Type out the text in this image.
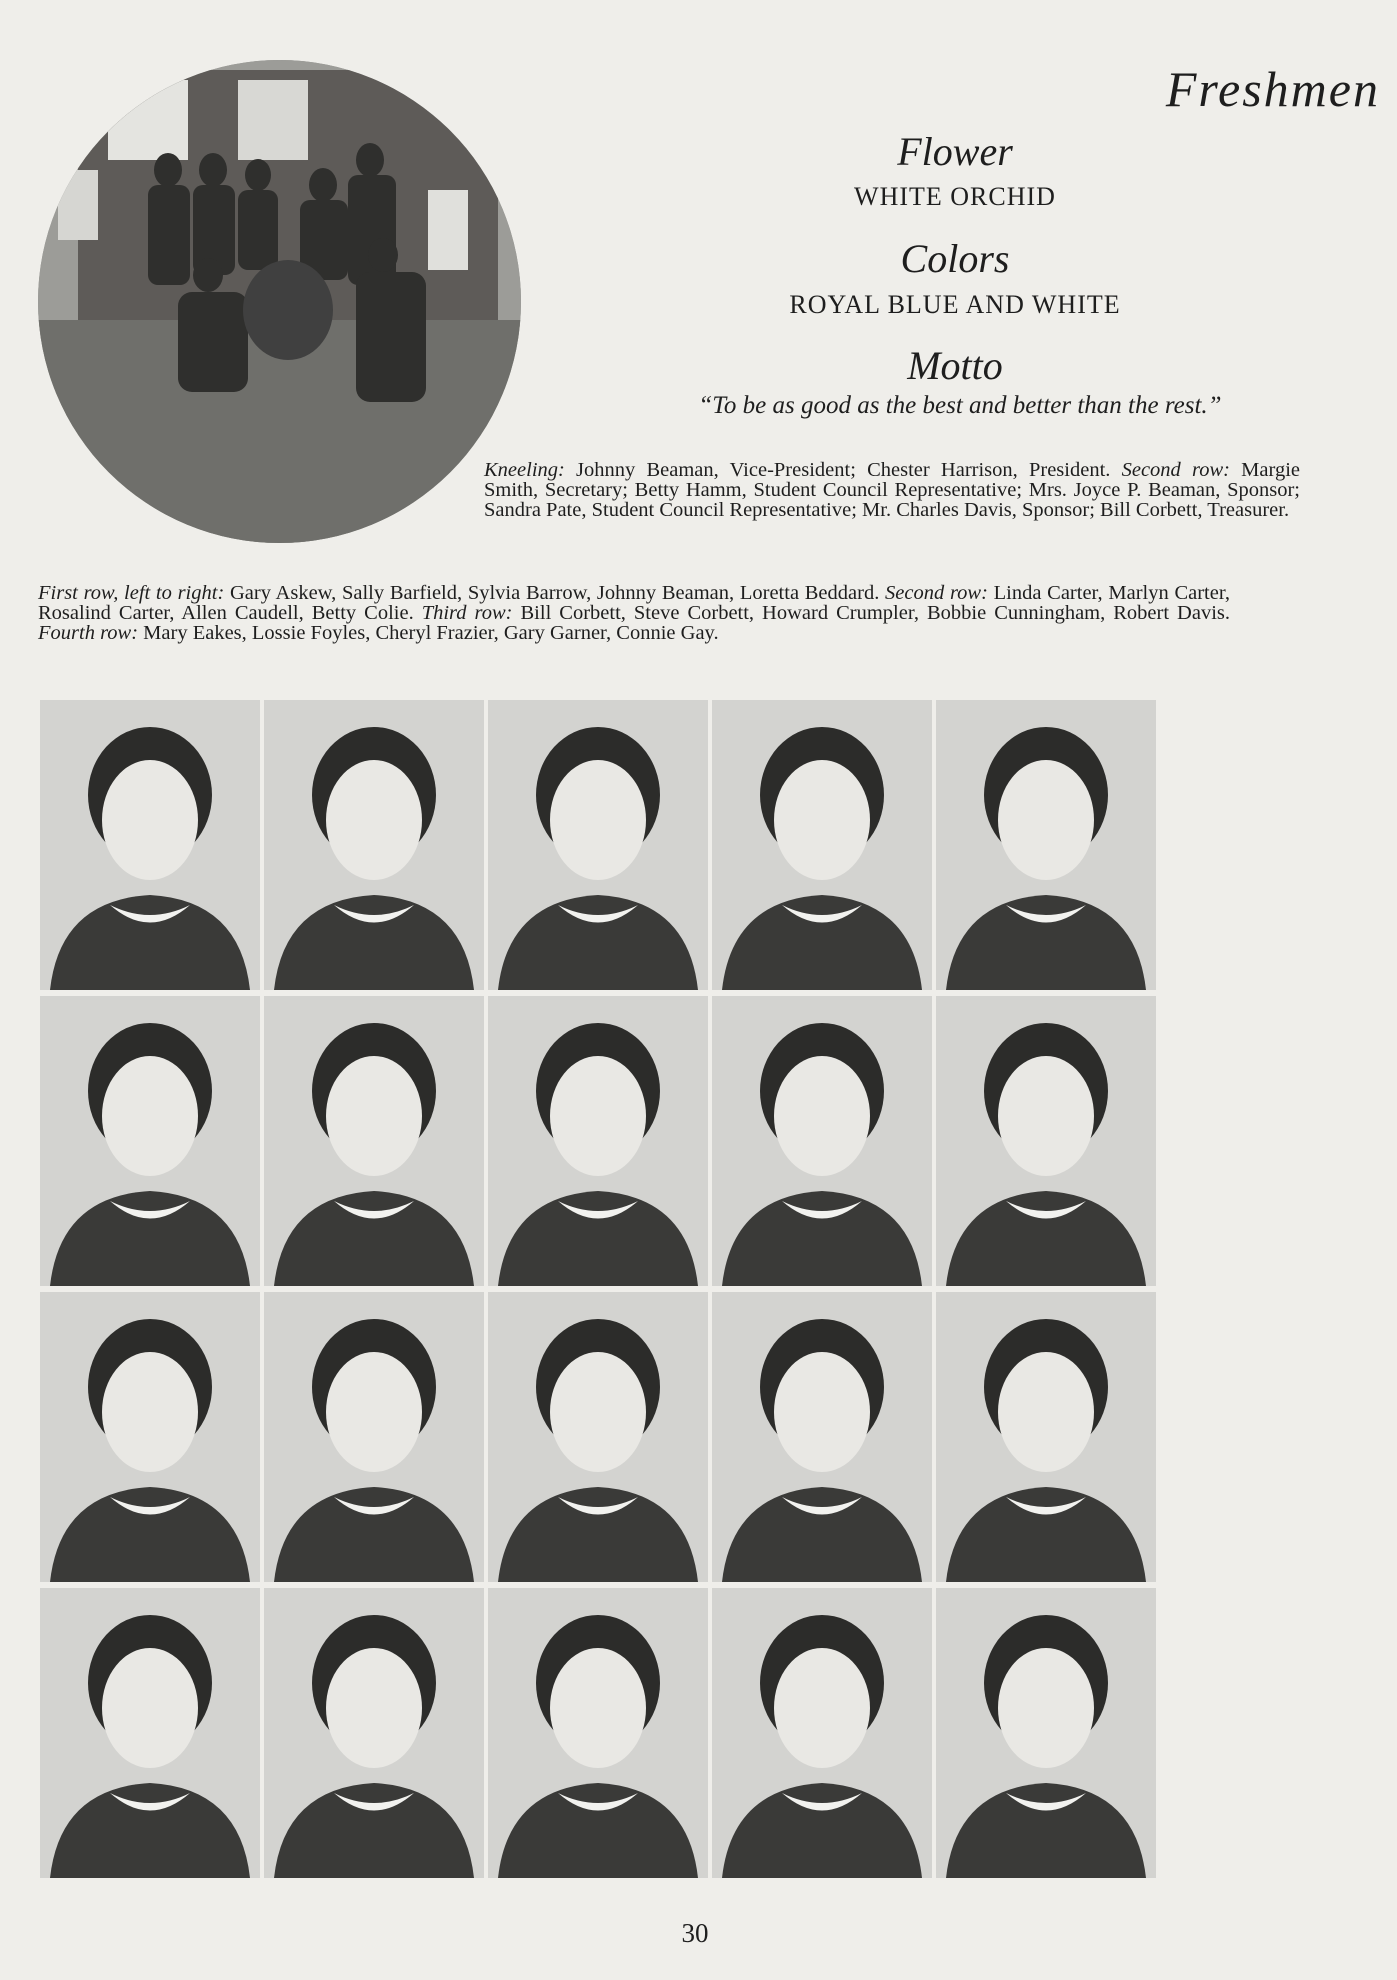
Freshmen
Flower
WHITE ORCHID
Colors
ROYAL BLUE AND WHITE
Motto
“To be as good as the best and better than the rest.”
Kneeling: Johnny Beaman, Vice-President; Chester Harrison, President. Second row: Margie Smith, Secretary; Betty Hamm, Student Council Representative; Mrs. Joyce P. Beaman, Sponsor; Sandra Pate, Student Council Representative; Mr. Charles Davis, Sponsor; Bill Corbett, Treasurer.
First row, left to right: Gary Askew, Sally Barfield, Sylvia Barrow, Johnny Beaman, Loretta Beddard. Second row: Linda Carter, Marlyn Carter, Rosalind Carter, Allen Caudell, Betty Colie. Third row: Bill Corbett, Steve Corbett, Howard Crumpler, Bobbie Cunningham, Robert Davis. Fourth row: Mary Eakes, Lossie Foyles, Cheryl Frazier, Gary Garner, Connie Gay.
30
